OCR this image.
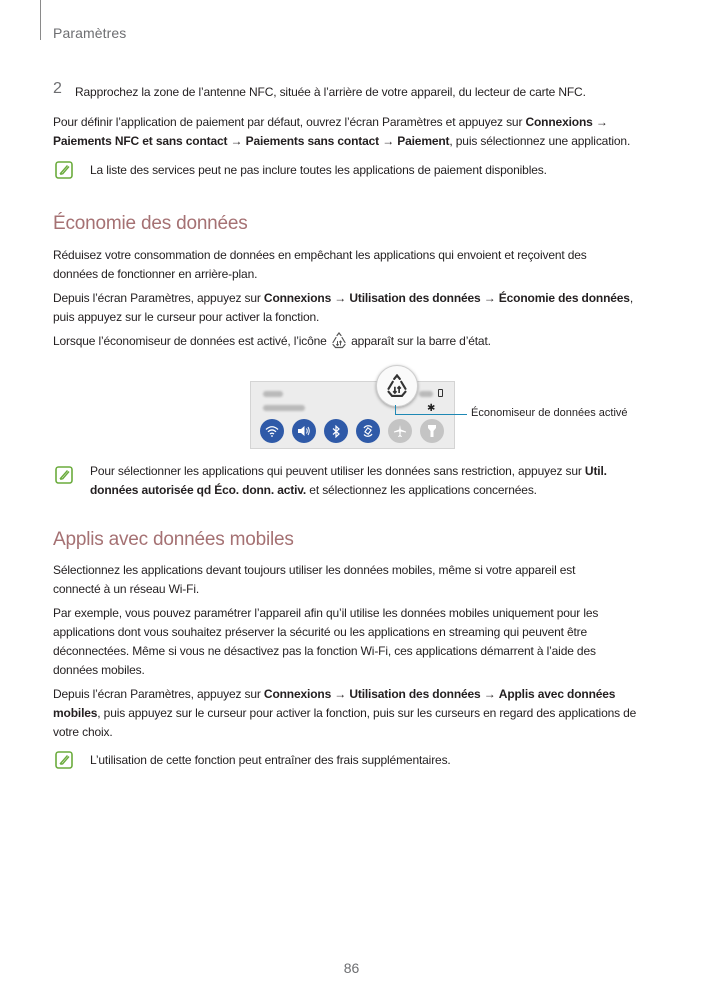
Paramètres
2 Rapprochez la zone de l’antenne NFC, située à l’arrière de votre appareil, du lecteur de carte NFC.
Pour définir l’application de paiement par défaut, ouvrez l’écran Paramètres et appuyez sur Connexions → Paiements NFC et sans contact → Paiements sans contact → Paiement, puis sélectionnez une application.
La liste des services peut ne pas inclure toutes les applications de paiement disponibles.
Économie des données
Réduisez votre consommation de données en empêchant les applications qui envoient et reçoivent des données de fonctionner en arrière-plan.
Depuis l’écran Paramètres, appuyez sur Connexions → Utilisation des données → Économie des données, puis appuyez sur le curseur pour activer la fonction.
Lorsque l’économiseur de données est activé, l’icône  apparaît sur la barre d’état.
✱	Économiseur de données activé
Pour sélectionner les applications qui peuvent utiliser les données sans restriction, appuyez sur Util. données autorisée qd Éco. donn. activ. et sélectionnez les applications concernées.
Applis avec données mobiles
Sélectionnez les applications devant toujours utiliser les données mobiles, même si votre appareil est connecté à un réseau Wi-Fi.
Par exemple, vous pouvez paramétrer l’appareil afin qu’il utilise les données mobiles uniquement pour les applications dont vous souhaitez préserver la sécurité ou les applications en streaming qui peuvent être déconnectées. Même si vous ne désactivez pas la fonction Wi-Fi, ces applications démarrent à l’aide des données mobiles.
Depuis l’écran Paramètres, appuyez sur Connexions → Utilisation des données → Applis avec données mobiles, puis appuyez sur le curseur pour activer la fonction, puis sur les curseurs en regard des applications de votre choix.
L’utilisation de cette fonction peut entraîner des frais supplémentaires.
86
